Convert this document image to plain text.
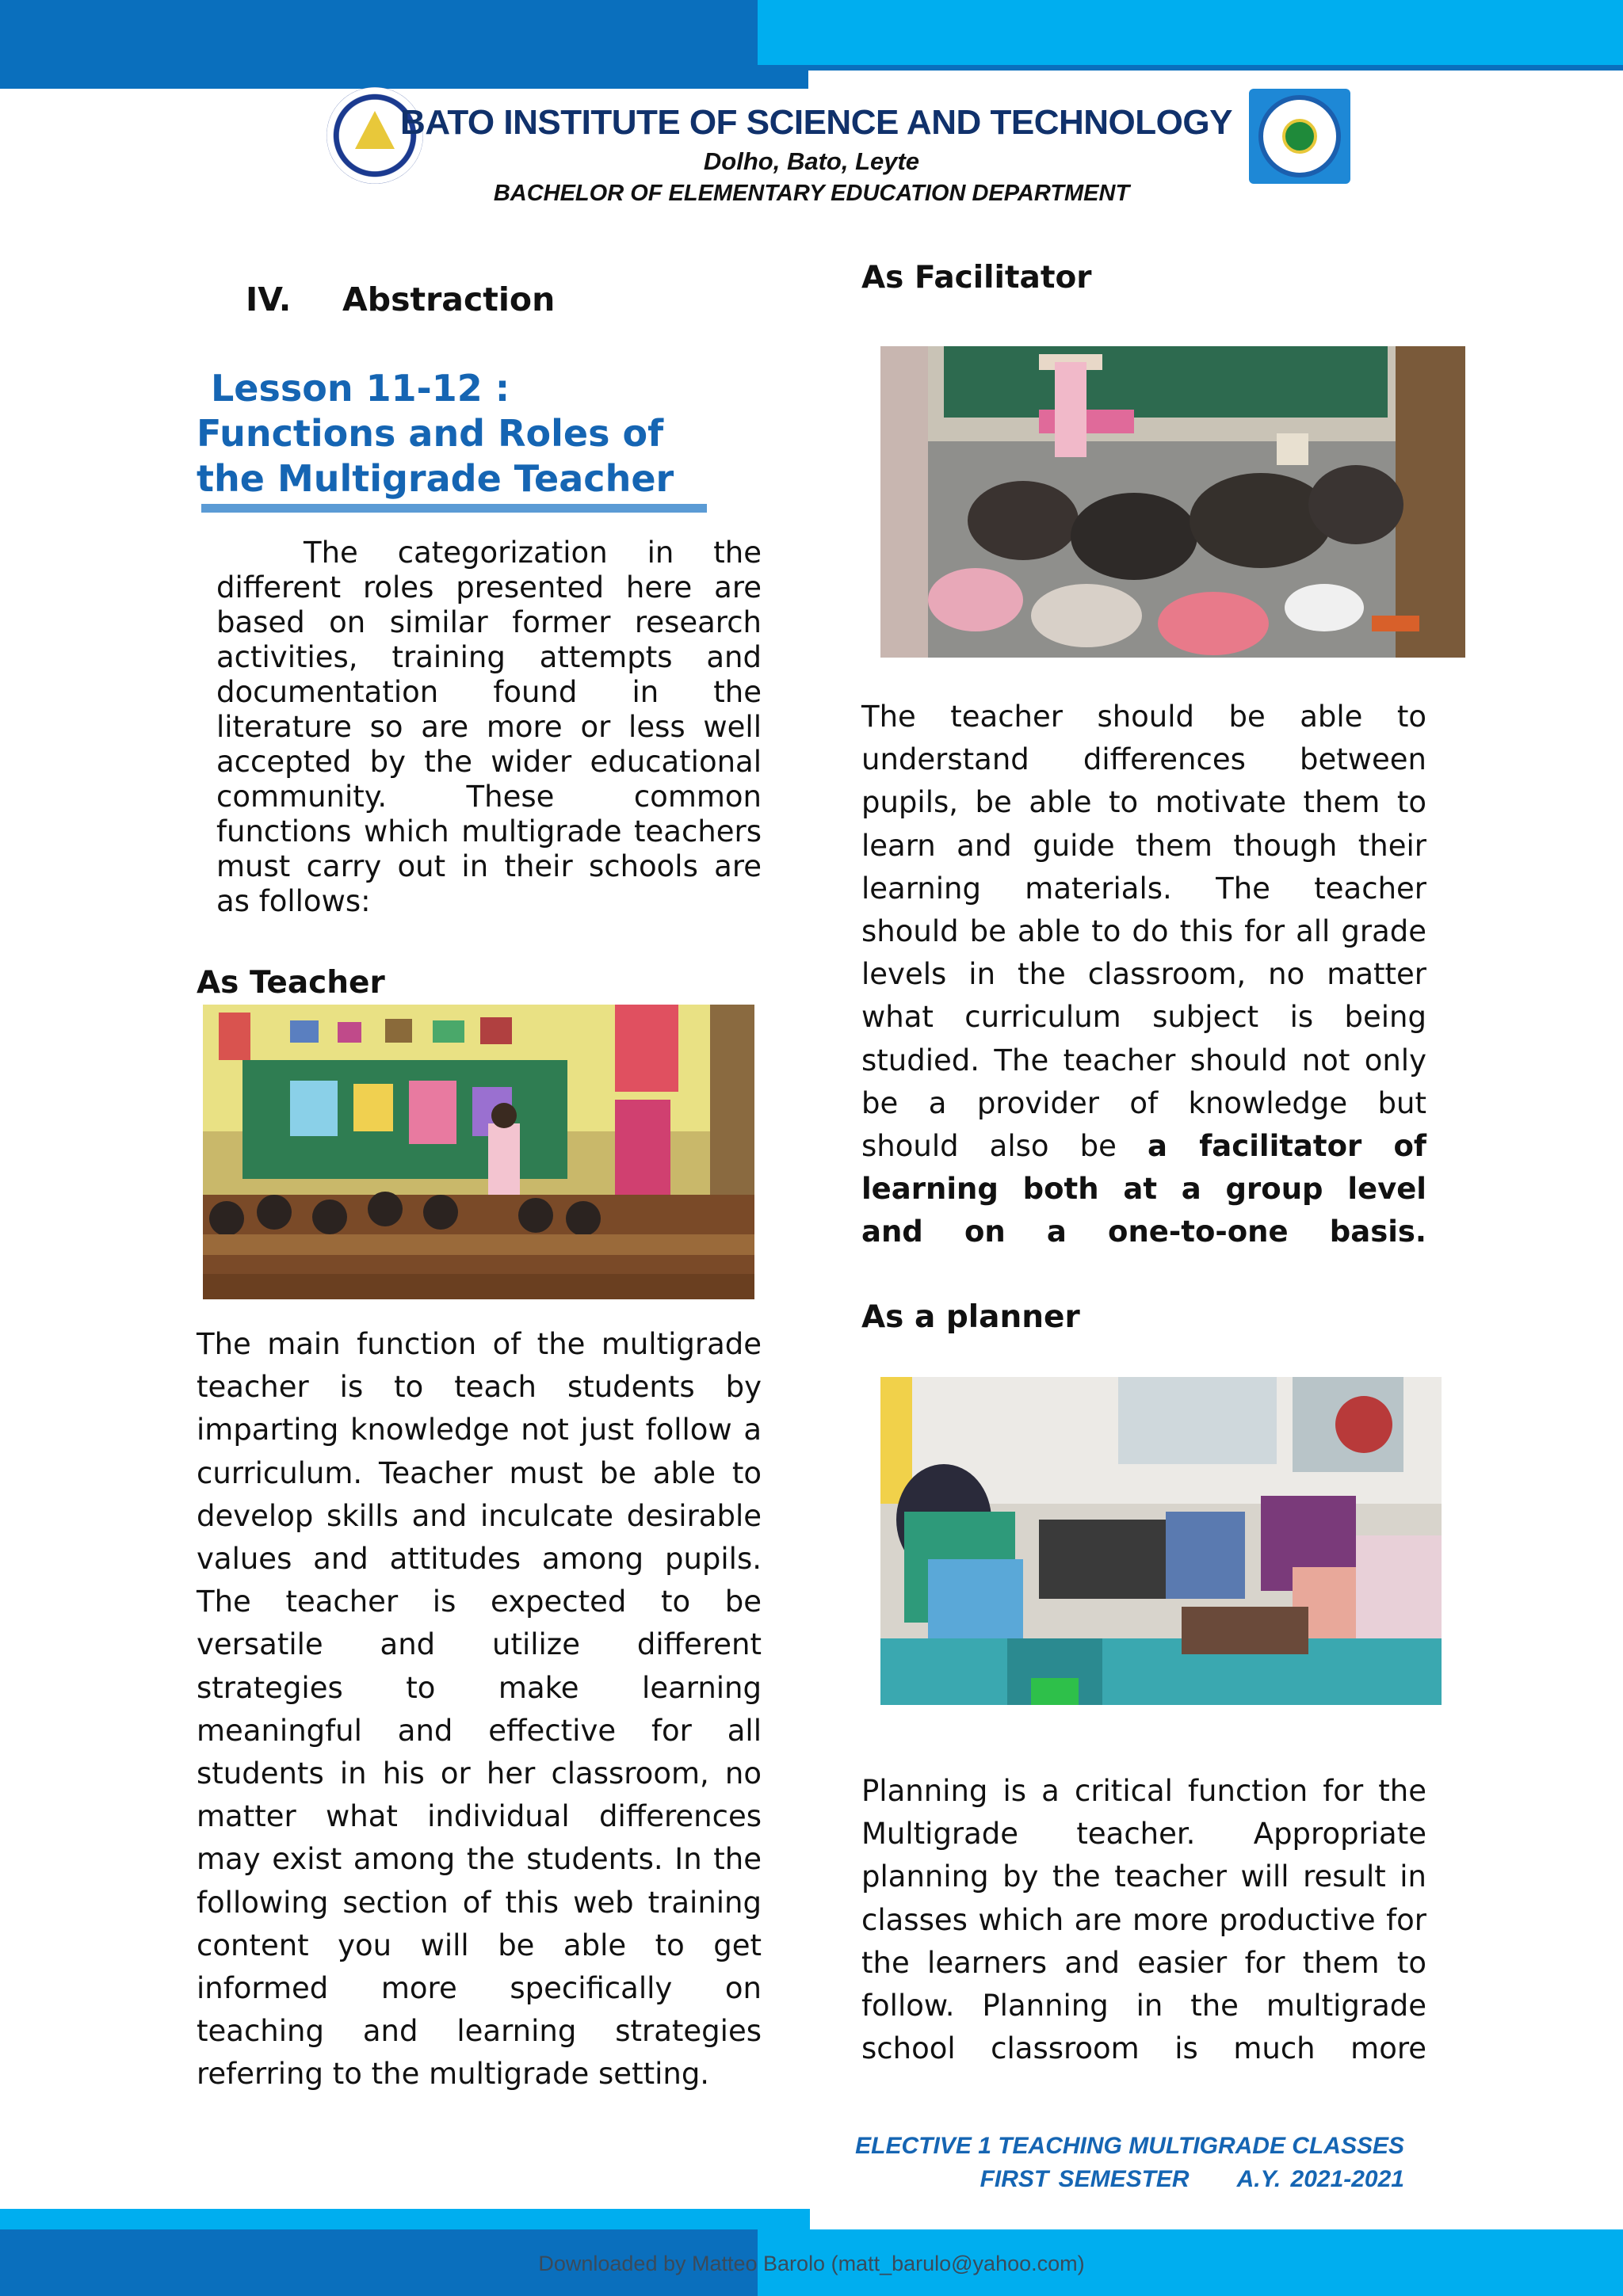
BATO INSTITUTE OF SCIENCE AND TECHNOLOGY
Dolho, Bato, Leyte
BACHELOR OF ELEMENTARY EDUCATION DEPARTMENT
IV. Abstraction
Lesson 11-12 :
Functions and Roles of
the Multigrade Teacher

The categorization in the different roles presented here are based on similar former research activities, training attempts and documentation found in the literature so are more or less well accepted by the wider educational community. These common functions which multigrade teachers must carry out in their schools are as follows:

As Teacher

The main function of the multigrade teacher is to teach students by imparting knowledge not just follow a curriculum. Teacher must be able to develop skills and inculcate desirable values and attitudes among pupils. The teacher is expected to be versatile and utilize different strategies to make learning meaningful and effective for all students in his or her classroom, no matter what individual differences may exist among the students. In the following section of this web training content you will be able to get informed more specifically on teaching and learning strategies referring to the multigrade setting.

As Facilitator

The teacher should be able to understand differences between pupils, be able to motivate them to learn and guide them though their learning materials. The teacher should be able to do this for all grade levels in the classroom, no matter what curriculum subject is being studied. The teacher should not only be a provider of knowledge but should also be a facilitator of learning both at a group level and on a one-to-one basis.

As a planner

Planning is a critical function for the Multigrade teacher. Appropriate planning by the teacher will result in classes which are more productive for the learners and easier for them to follow. Planning in the multigrade school classroom is much more

ELECTIVE 1 TEACHING MULTIGRADE CLASSES
FIRST SEMESTER A.Y. 2021-2021
Downloaded by Matteo Barolo (matt_barulo@yahoo.com)
